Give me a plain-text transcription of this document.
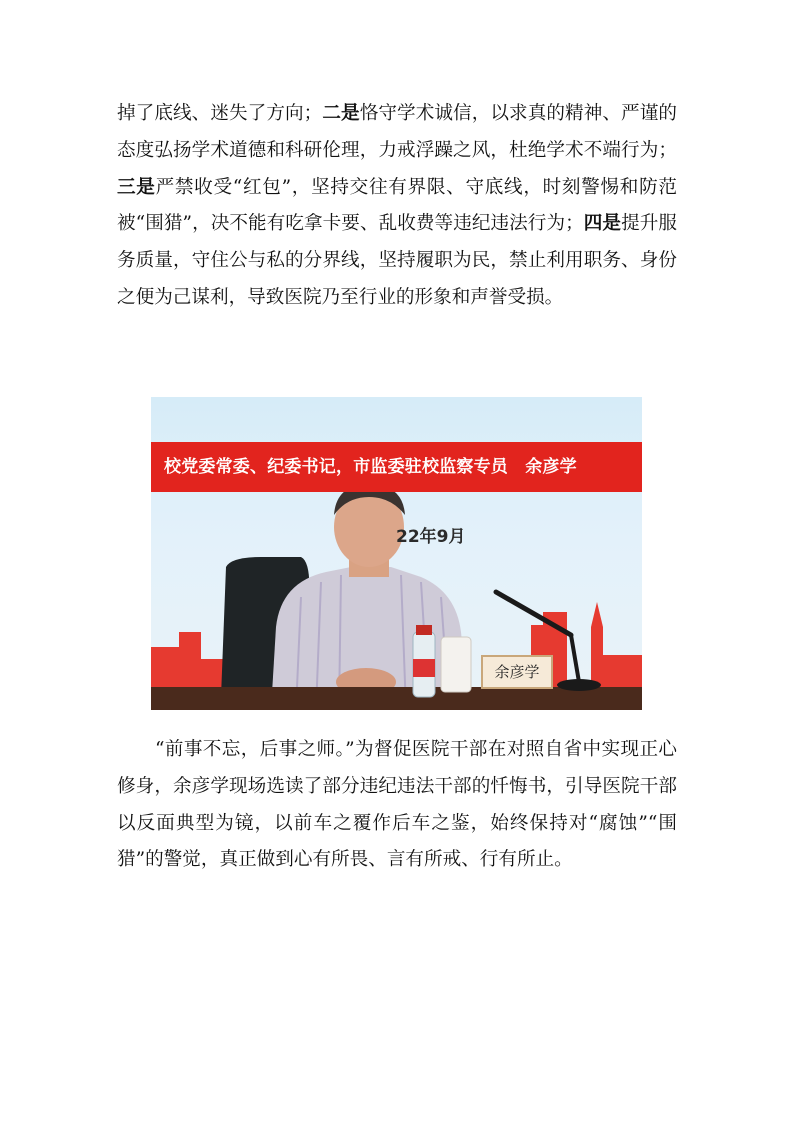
掉了底线、迷失了方向；二是恪守学术诚信，以求真的精神、严谨的态度弘扬学术道德和科研伦理，力戒浮躁之风，杜绝学术不端行为；三是严禁收受“红包”，坚持交往有界限、守底线，时刻警惕和防范被“围猎”，决不能有吃拿卡要、乱收费等违纪违法行为；四是提升服务质量，守住公与私的分界线，坚持履职为民，禁止利用职务、身份之便为己谋利，导致医院乃至行业的形象和声誉受损。

校党委常委、纪委书记，市监委驻校监察专员　余彦学
22年9月
余彦学

“前事不忘，后事之师。”为督促医院干部在对照自省中实现正心修身，余彦学现场选读了部分违纪违法干部的忏悔书，引导医院干部以反面典型为镜，以前车之覆作后车之鉴，始终保持对“腐蚀”“围猎”的警觉，真正做到心有所畏、言有所戒、行有所止。
